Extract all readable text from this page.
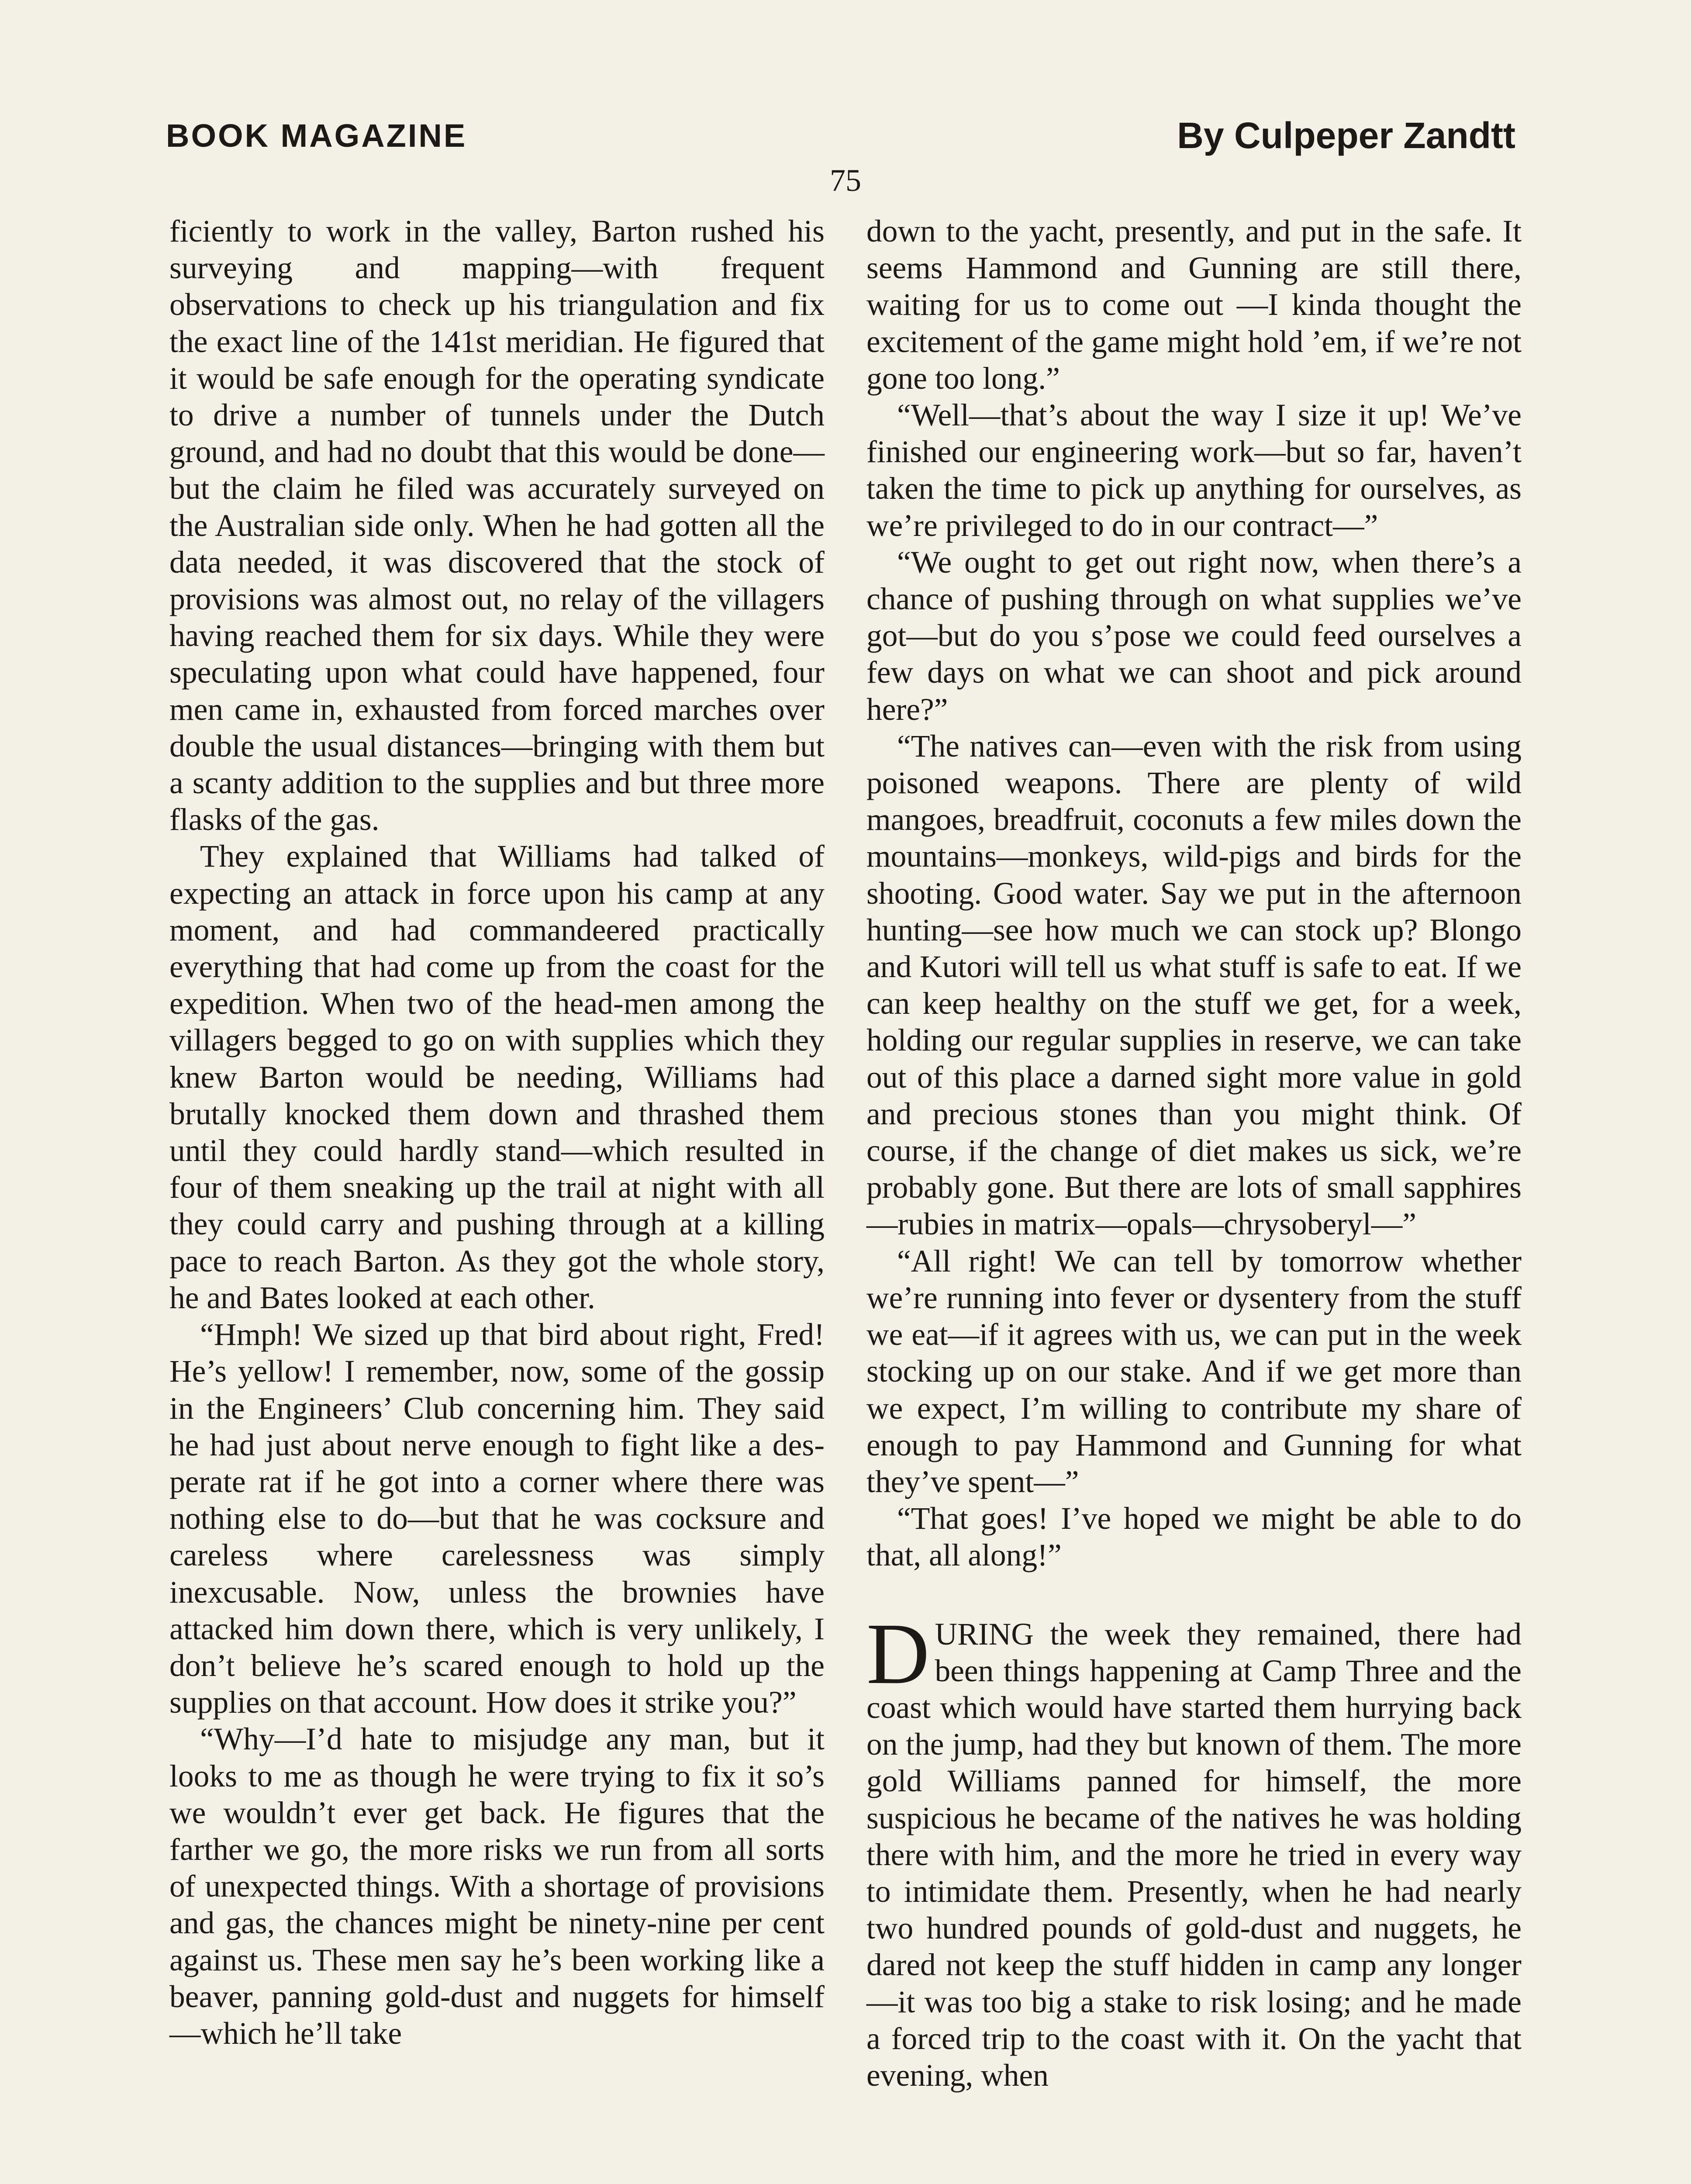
BOOK MAGAZINE	By Culpeper Zandtt
75

ficiently to work in the valley, Barton rushed his surveying and mapping—with frequent observations to check up his triangulation and fix the exact line of the 141st meridian. He figured that it would be safe enough for the operating syndicate to drive a number of tunnels under the Dutch ground, and had no doubt that this would be done—but the claim he filed was accurately surveyed on the Australian side only. When he had gotten all the data needed, it was discovered that the stock of provisions was almost out, no relay of the villagers having reached them for six days. While they were speculating upon what could have happened, four men came in, exhausted from forced marches over double the usual distances—bringing with them but a scanty addition to the supplies and but three more flasks of the gas.

They explained that Williams had talked of expecting an attack in force upon his camp at any moment, and had commandeered practically everything that had come up from the coast for the expedition. When two of the head-men among the villagers begged to go on with supplies which they knew Barton would be needing, Williams had brutally knocked them down and thrashed them until they could hardly stand—which resulted in four of them sneaking up the trail at night with all they could carry and pushing through at a killing pace to reach Barton. As they got the whole story, he and Bates looked at each other.

“Hmph! We sized up that bird about right, Fred! He’s yellow! I remember, now, some of the gossip in the Engineers’ Club concerning him. They said he had just about nerve enough to fight like a desperate rat if he got into a corner where there was nothing else to do—but that he was cocksure and careless where carelessness was simply inexcusable. Now, unless the brownies have attacked him down there, which is very unlikely, I don’t believe he’s scared enough to hold up the supplies on that account. How does it strike you?”

“Why—I’d hate to misjudge any man, but it looks to me as though he were trying to fix it so’s we wouldn’t ever get back. He figures that the farther we go, the more risks we run from all sorts of unexpected things. With a shortage of provisions and gas, the chances might be ninety-nine per cent against us. These men say he’s been working like a beaver, panning gold-dust and nuggets for himself—which he’ll take

down to the yacht, presently, and put in the safe. It seems Hammond and Gunning are still there, waiting for us to come out —I kinda thought the excitement of the game might hold ’em, if we’re not gone too long.”

“Well—that’s about the way I size it up! We’ve finished our engineering work—but so far, haven’t taken the time to pick up anything for ourselves, as we’re privileged to do in our contract—”

“We ought to get out right now, when there’s a chance of pushing through on what supplies we’ve got—but do you s’pose we could feed ourselves a few days on what we can shoot and pick around here?”

“The natives can—even with the risk from using poisoned weapons. There are plenty of wild mangoes, breadfruit, coconuts a few miles down the mountains—monkeys, wild-pigs and birds for the shooting. Good water. Say we put in the afternoon hunting—see how much we can stock up? Blongo and Kutori will tell us what stuff is safe to eat. If we can keep healthy on the stuff we get, for a week, holding our regular supplies in reserve, we can take out of this place a darned sight more value in gold and precious stones than you might think. Of course, if the change of diet makes us sick, we’re probably gone. But there are lots of small sapphires—rubies in matrix—opals—chrysoberyl—”

“All right! We can tell by tomorrow whether we’re running into fever or dysentery from the stuff we eat—if it agrees with us, we can put in the week stocking up on our stake. And if we get more than we expect, I’m willing to contribute my share of enough to pay Hammond and Gunning for what they’ve spent—”

“That goes! I’ve hoped we might be able to do that, all along!”

DURING the week they remained, there had been things happening at Camp Three and the coast which would have started them hurrying back on the jump, had they but known of them. The more gold Williams panned for himself, the more suspicious he became of the natives he was holding there with him, and the more he tried in every way to intimidate them. Presently, when he had nearly two hundred pounds of gold-dust and nuggets, he dared not keep the stuff hidden in camp any longer—it was too big a stake to risk losing; and he made a forced trip to the coast with it. On the yacht that evening, when
